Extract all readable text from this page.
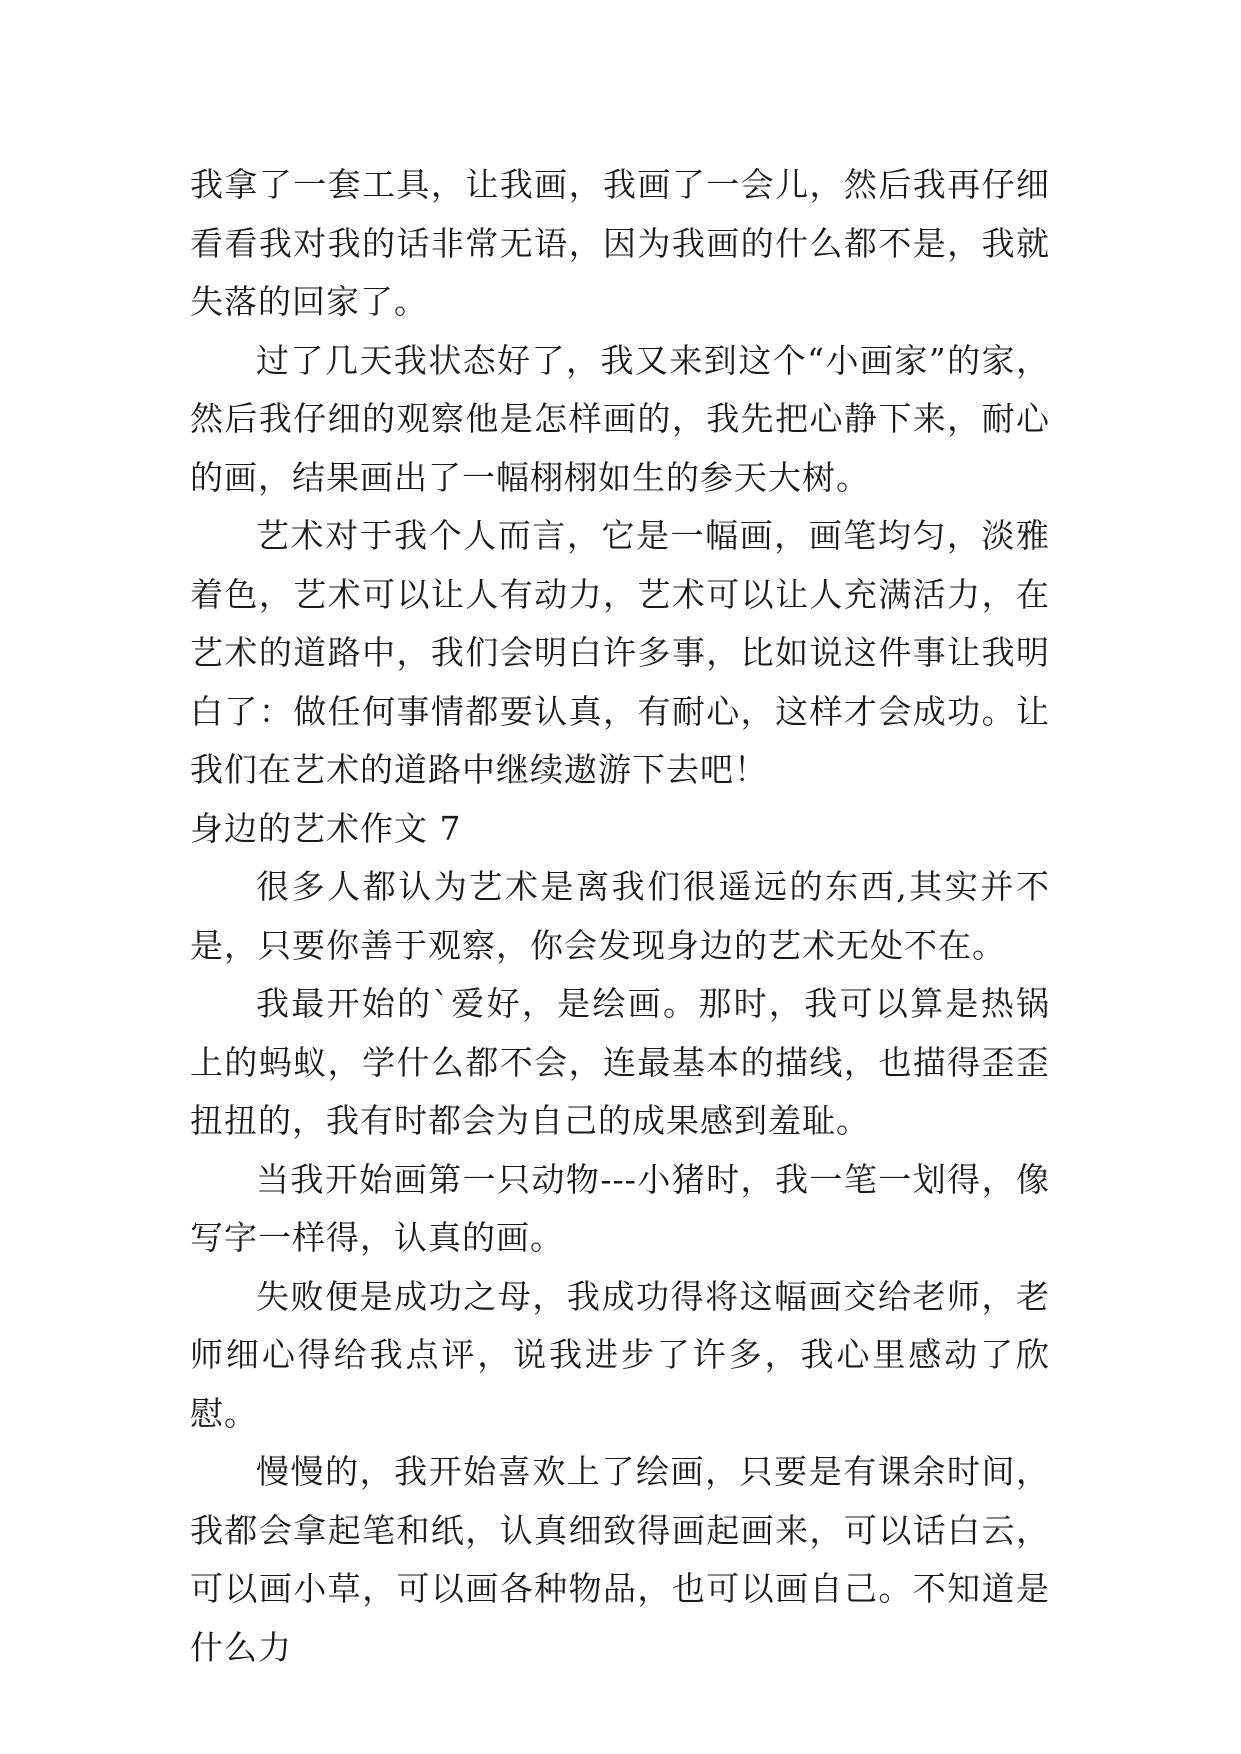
我拿了一套工具，让我画，我画了一会儿，然后我再仔细看看我对我的话非常无语，因为我画的什么都不是，我就失落的回家了。

过了几天我状态好了，我又来到这个“小画家”的家，然后我仔细的观察他是怎样画的，我先把心静下来，耐心的画，结果画出了一幅栩栩如生的参天大树。

艺术对于我个人而言，它是一幅画，画笔均匀，淡雅着色，艺术可以让人有动力，艺术可以让人充满活力，在艺术的道路中，我们会明白许多事，比如说这件事让我明白了：做任何事情都要认真，有耐心，这样才会成功。让我们在艺术的道路中继续遨游下去吧！

身边的艺术作文 7

很多人都认为艺术是离我们很遥远的东西,其实并不是，只要你善于观察，你会发现身边的艺术无处不在。

我最开始的`爱好，是绘画。那时，我可以算是热锅上的蚂蚁，学什么都不会，连最基本的描线，也描得歪歪扭扭的，我有时都会为自己的成果感到羞耻。

当我开始画第一只动物---小猪时，我一笔一划得，像写字一样得，认真的画。

失败便是成功之母，我成功得将这幅画交给老师，老师细心得给我点评，说我进步了许多，我心里感动了欣慰。

慢慢的，我开始喜欢上了绘画，只要是有课余时间，我都会拿起笔和纸，认真细致得画起画来，可以话白云，可以画小草，可以画各种物品，也可以画自己。不知道是什么力
